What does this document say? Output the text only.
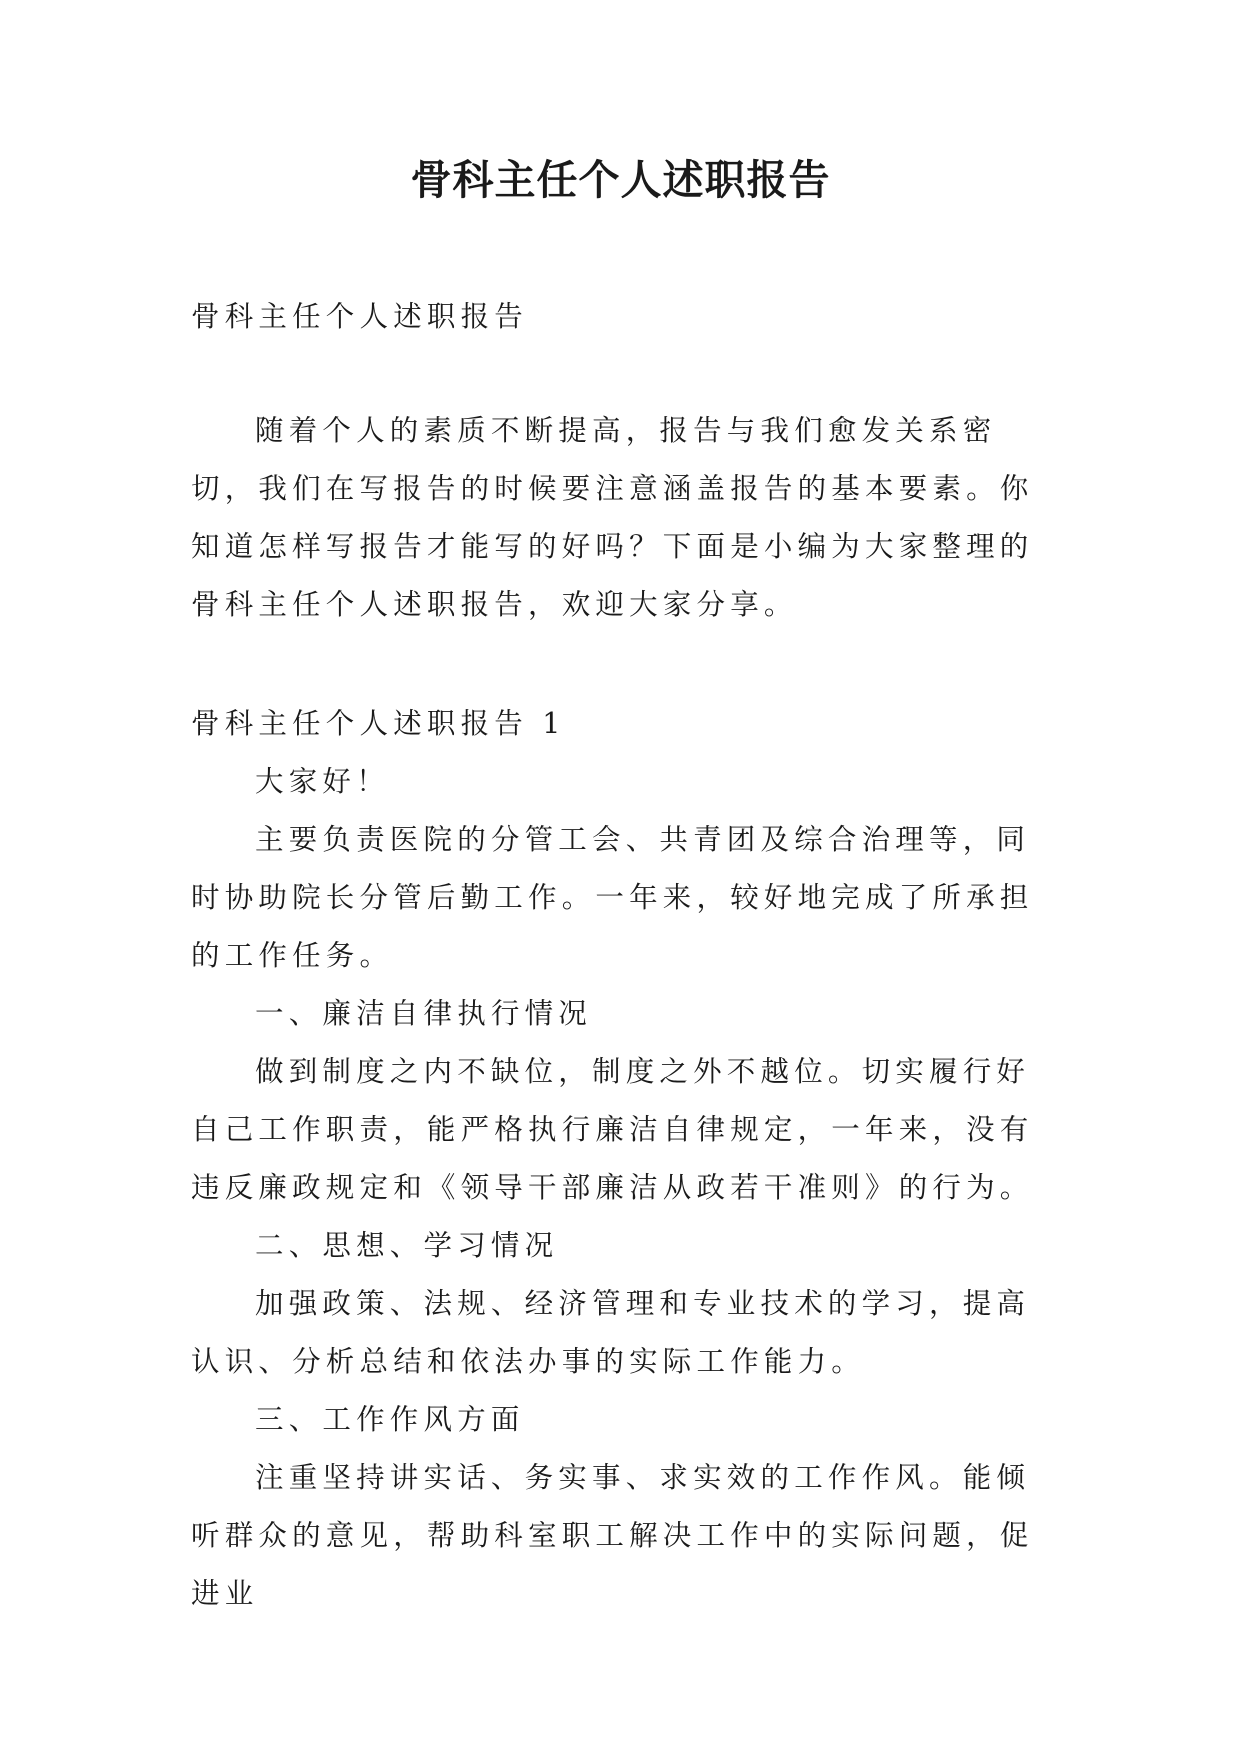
骨科主任个人述职报告

骨科主任个人述职报告

随着个人的素质不断提高，报告与我们愈发关系密切，我们在写报告的时候要注意涵盖报告的基本要素。你知道怎样写报告才能写的好吗？下面是小编为大家整理的骨科主任个人述职报告，欢迎大家分享。

骨科主任个人述职报告 1

大家好！

主要负责医院的分管工会、共青团及综合治理等，同时协助院长分管后勤工作。一年来，较好地完成了所承担的工作任务。

一、廉洁自律执行情况

做到制度之内不缺位，制度之外不越位。切实履行好自己工作职责，能严格执行廉洁自律规定，一年来，没有违反廉政规定和《领导干部廉洁从政若干准则》的行为。

二、思想、学习情况

加强政策、法规、经济管理和专业技术的学习，提高认识、分析总结和依法办事的实际工作能力。

三、工作作风方面

注重坚持讲实话、务实事、求实效的工作作风。能倾听群众的意见，帮助科室职工解决工作中的实际问题，促进业
